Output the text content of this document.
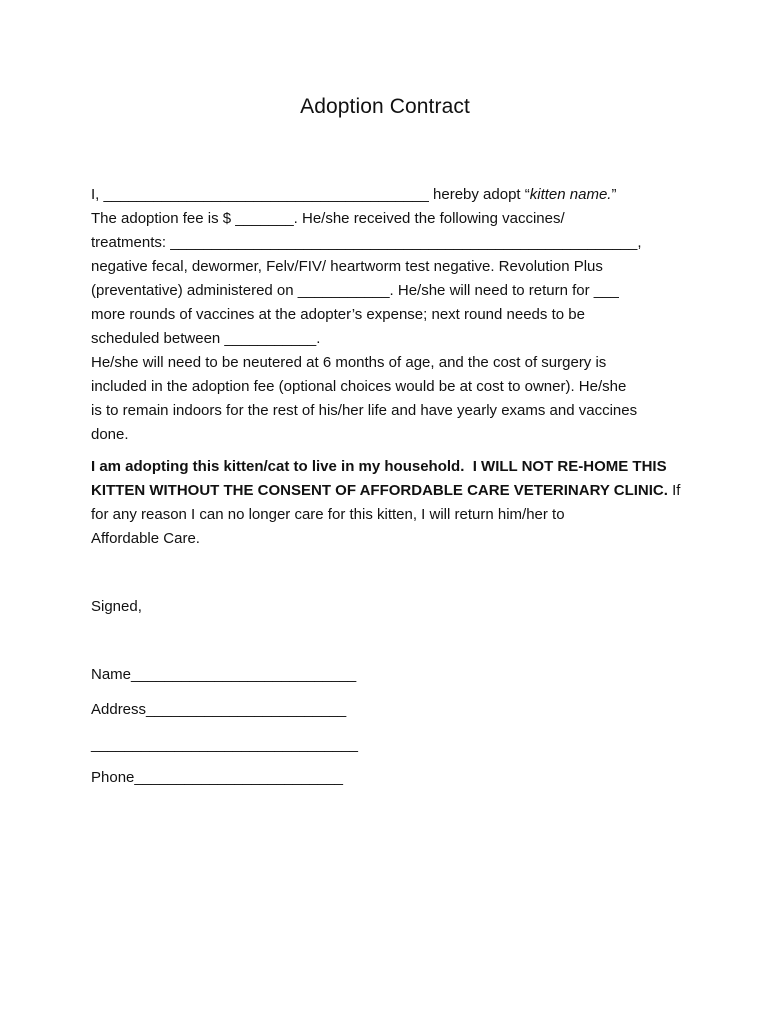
Adoption Contract
I, _______________________________________ hereby adopt “kitten name.”
The adoption fee is $ _______. He/she received the following vaccines/
treatments: ________________________________________________________,
negative fecal, dewormer, Felv/FIV/ heartworm test negative. Revolution Plus
(preventative) administered on ___________. He/she will need to return for ___
more rounds of vaccines at the adopter’s expense; next round needs to be
scheduled between ___________.
He/she will need to be neutered at 6 months of age, and the cost of surgery is
included in the adoption fee (optional choices would be at cost to owner). He/she
is to remain indoors for the rest of his/her life and have yearly exams and vaccines
done.
I am adopting this kitten/cat to live in my household.  I WILL NOT RE-HOME THIS
KITTEN WITHOUT THE CONSENT OF AFFORDABLE CARE VETERINARY CLINIC. If
for any reason I can no longer care for this kitten, I will return him/her to
Affordable Care.
Signed,
Name___________________________
Address________________________
________________________________
Phone_________________________
